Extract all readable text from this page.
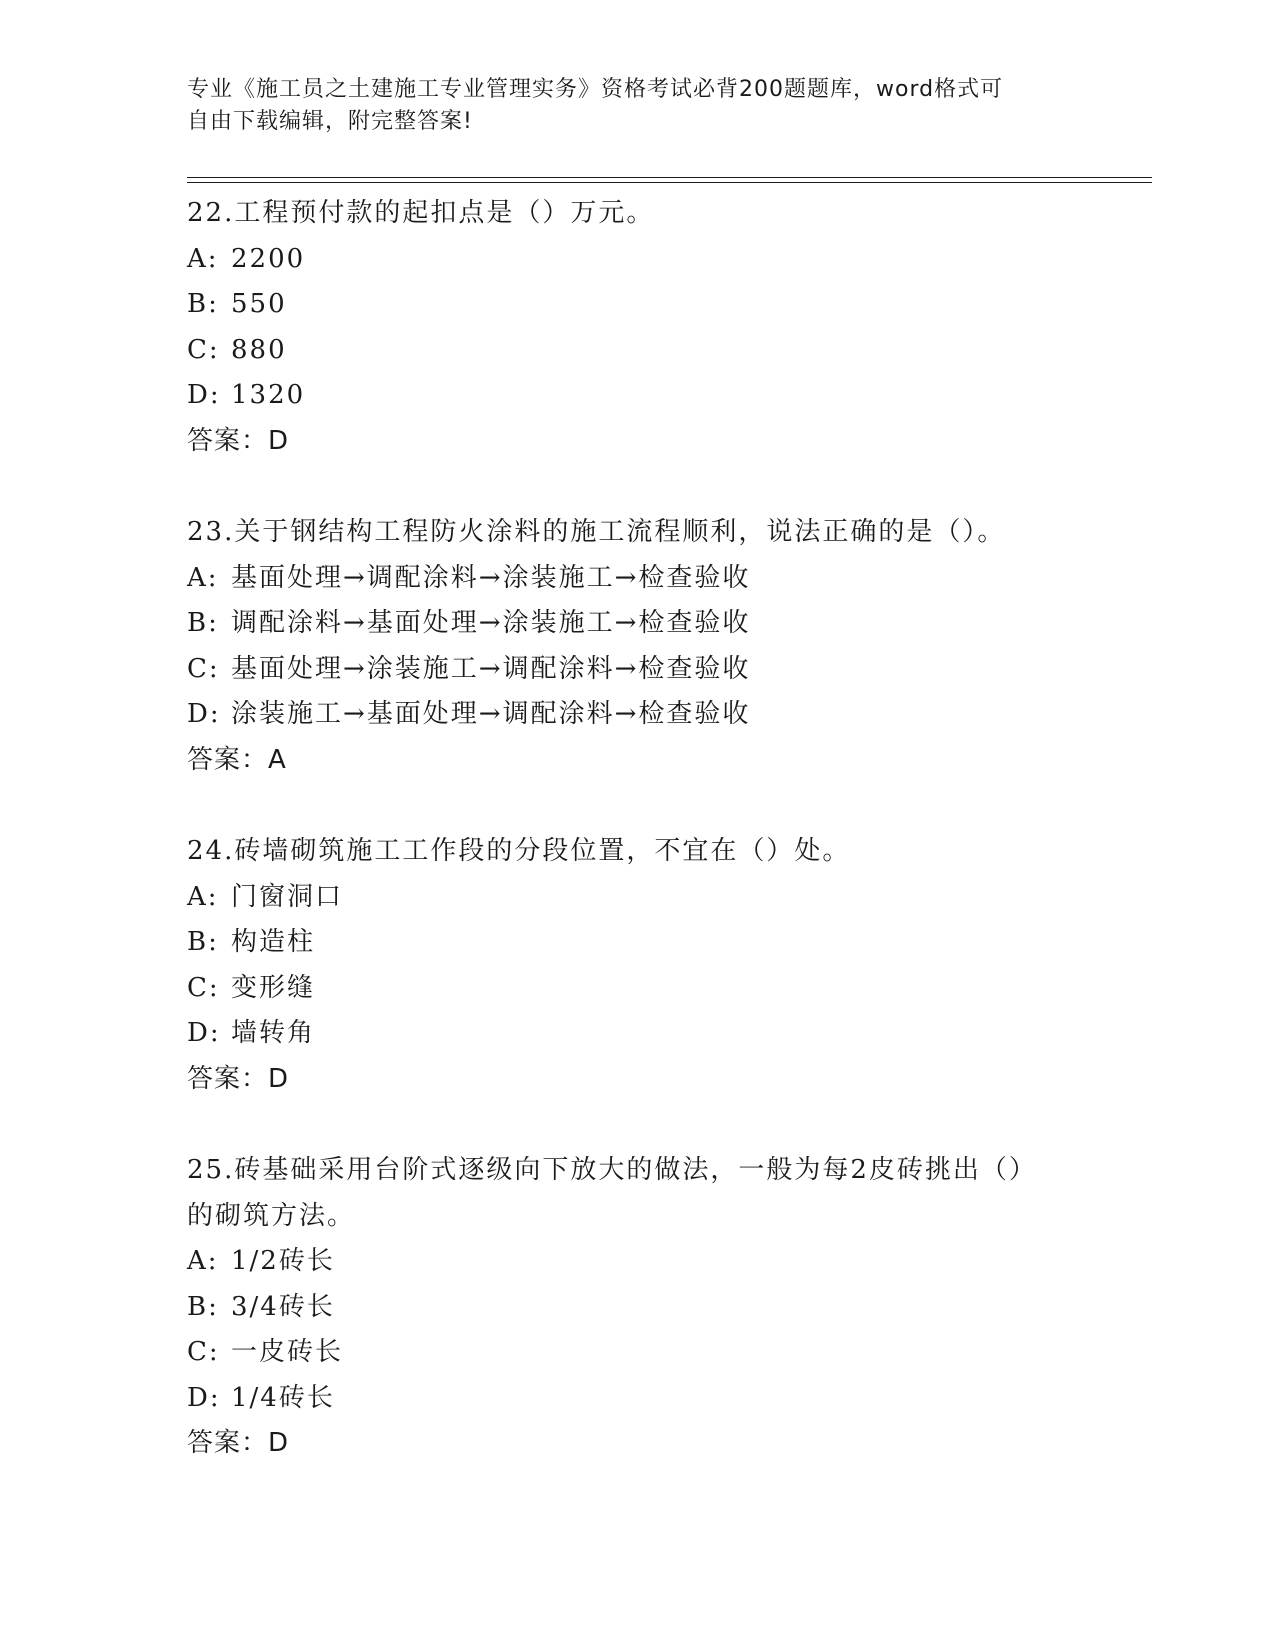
专业《施工员之土建施工专业管理实务》资格考试必背200题题库，word格式可
自由下载编辑，附完整答案!
22.工程预付款的起扣点是（）万元。
A: 2200
B: 550
C: 880
D: 1320
答案：D
23.关于钢结构工程防火涂料的施工流程顺利，说法正确的是（）。
A: 基面处理→调配涂料→涂装施工→检查验收
B: 调配涂料→基面处理→涂装施工→检查验收
C: 基面处理→涂装施工→调配涂料→检查验收
D: 涂装施工→基面处理→调配涂料→检查验收
答案：A
24.砖墙砌筑施工工作段的分段位置，不宜在（）处。
A: 门窗洞口
B: 构造柱
C: 变形缝
D: 墙转角
答案：D
25.砖基础采用台阶式逐级向下放大的做法，一般为每2皮砖挑出（）
的砌筑方法。
A: 1/2砖长
B: 3/4砖长
C: 一皮砖长
D: 1/4砖长
答案：D
